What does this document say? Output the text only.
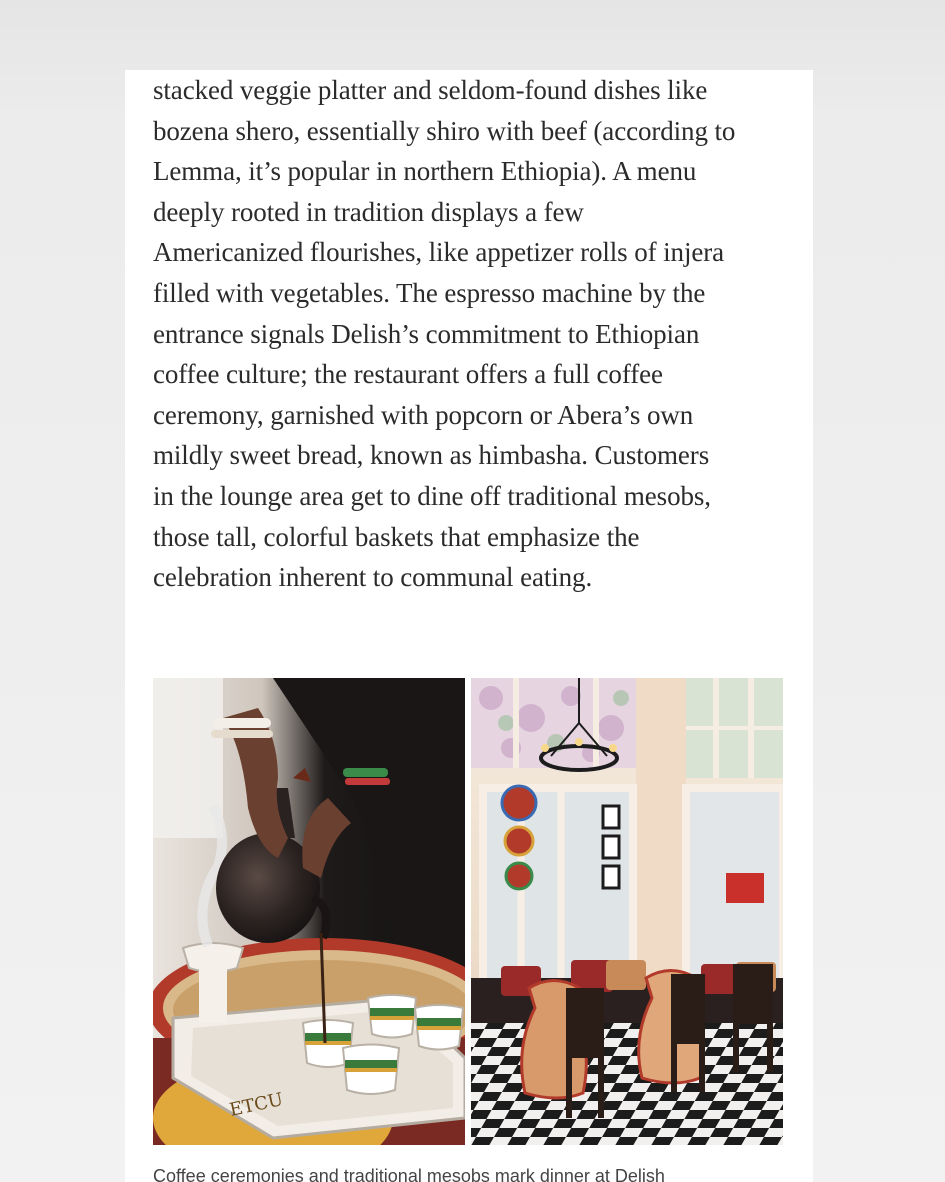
stacked veggie platter and seldom-found dishes like
bozena shero, essentially shiro with beef (according to
Lemma, it’s popular in northern Ethiopia). A menu
deeply rooted in tradition displays a few
Americanized flourishes, like appetizer rolls of injera
filled with vegetables. The espresso machine by the
entrance signals Delish’s commitment to Ethiopian
coffee culture; the restaurant offers a full coffee
ceremony, garnished with popcorn or Abera’s own
mildly sweet bread, known as himbasha. Customers
in the lounge area get to dine off traditional mesobs,
those tall, colorful baskets that emphasize the
celebration inherent to communal eating.

ETCU
Coffee ceremonies and traditional mesobs mark dinner at Delish
